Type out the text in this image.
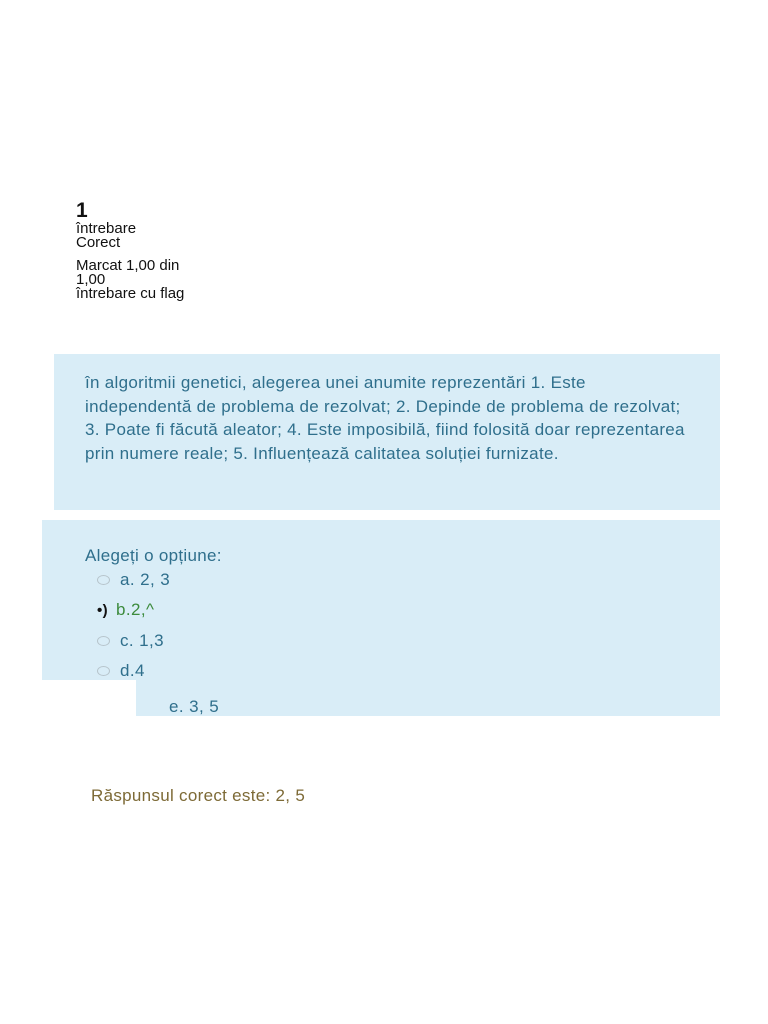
1
întrebare
Corect
Marcat 1,00 din
1,00
întrebare cu flag
în algoritmii genetici, alegerea unei anumite reprezentări 1. Este independentă de problema de rezolvat; 2. Depinde de problema de rezolvat; 3. Poate fi făcută aleator; 4. Este imposibilă, fiind folosită doar reprezentarea prin numere reale; 5. Influențează calitatea soluției furnizate.
Alegeți o opțiune:
a. 2, 3
•) b.2,^
c. 1,3
d.4
e. 3, 5
Răspunsul corect este: 2, 5
